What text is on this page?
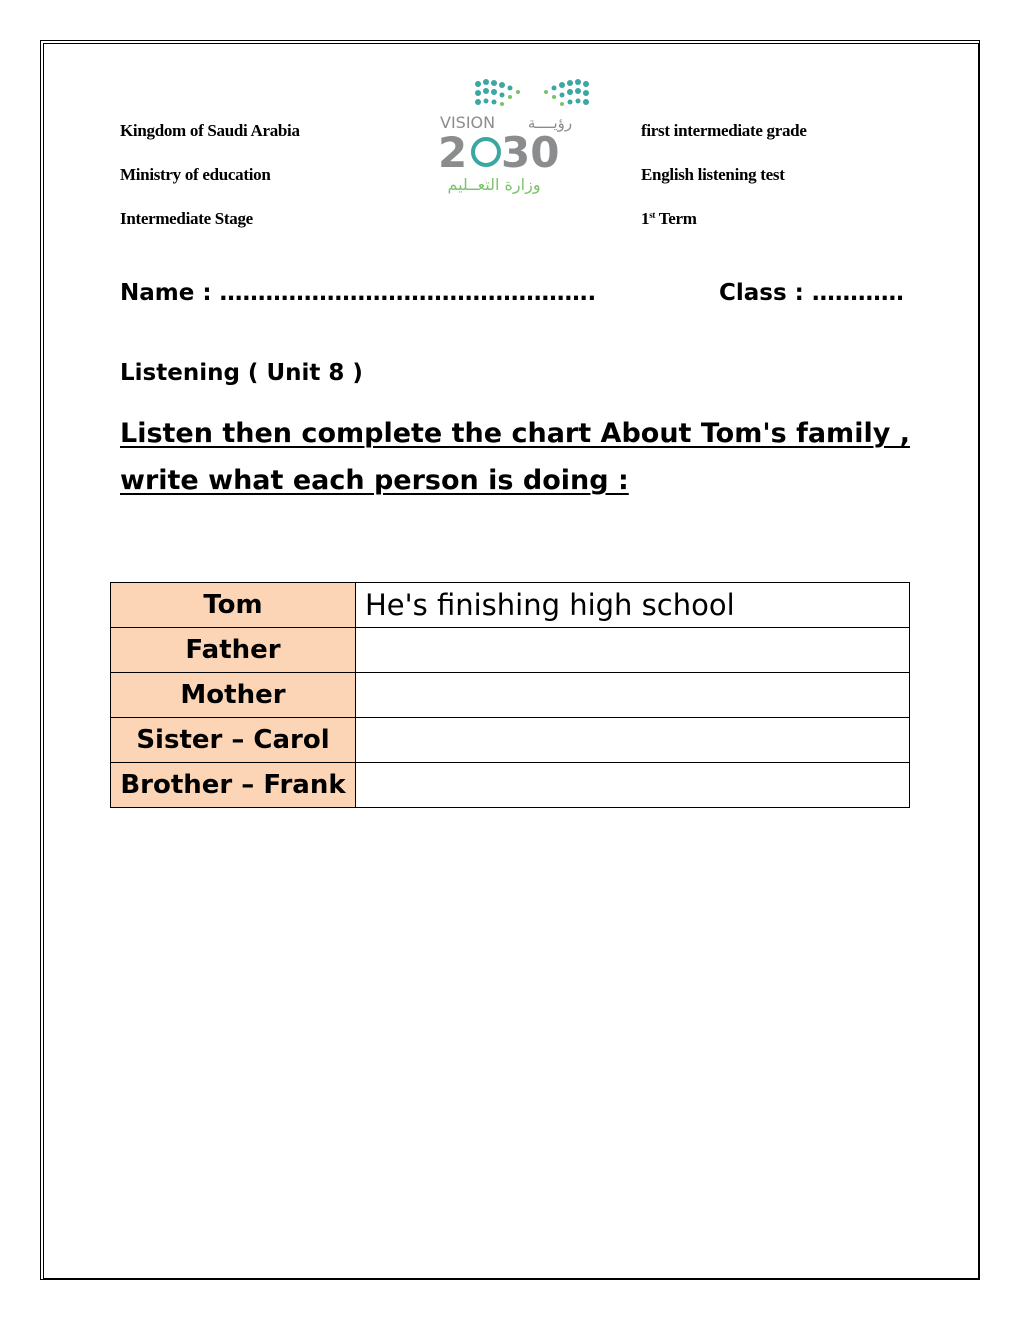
Kingdom of Saudi Arabia
Ministry of education
Intermediate Stage
first intermediate grade
English listening test
1st Term
VISION رؤيــــة
2 30
وزارة التعــليم
Name : ………………………………………….	Class : …………
Listening ( Unit 8 )
Listen then complete the chart About Tom's family ,
write what each person is doing :
Tom	He's finishing high school
Father	
Mother	
Sister – Carol	
Brother – Frank	
